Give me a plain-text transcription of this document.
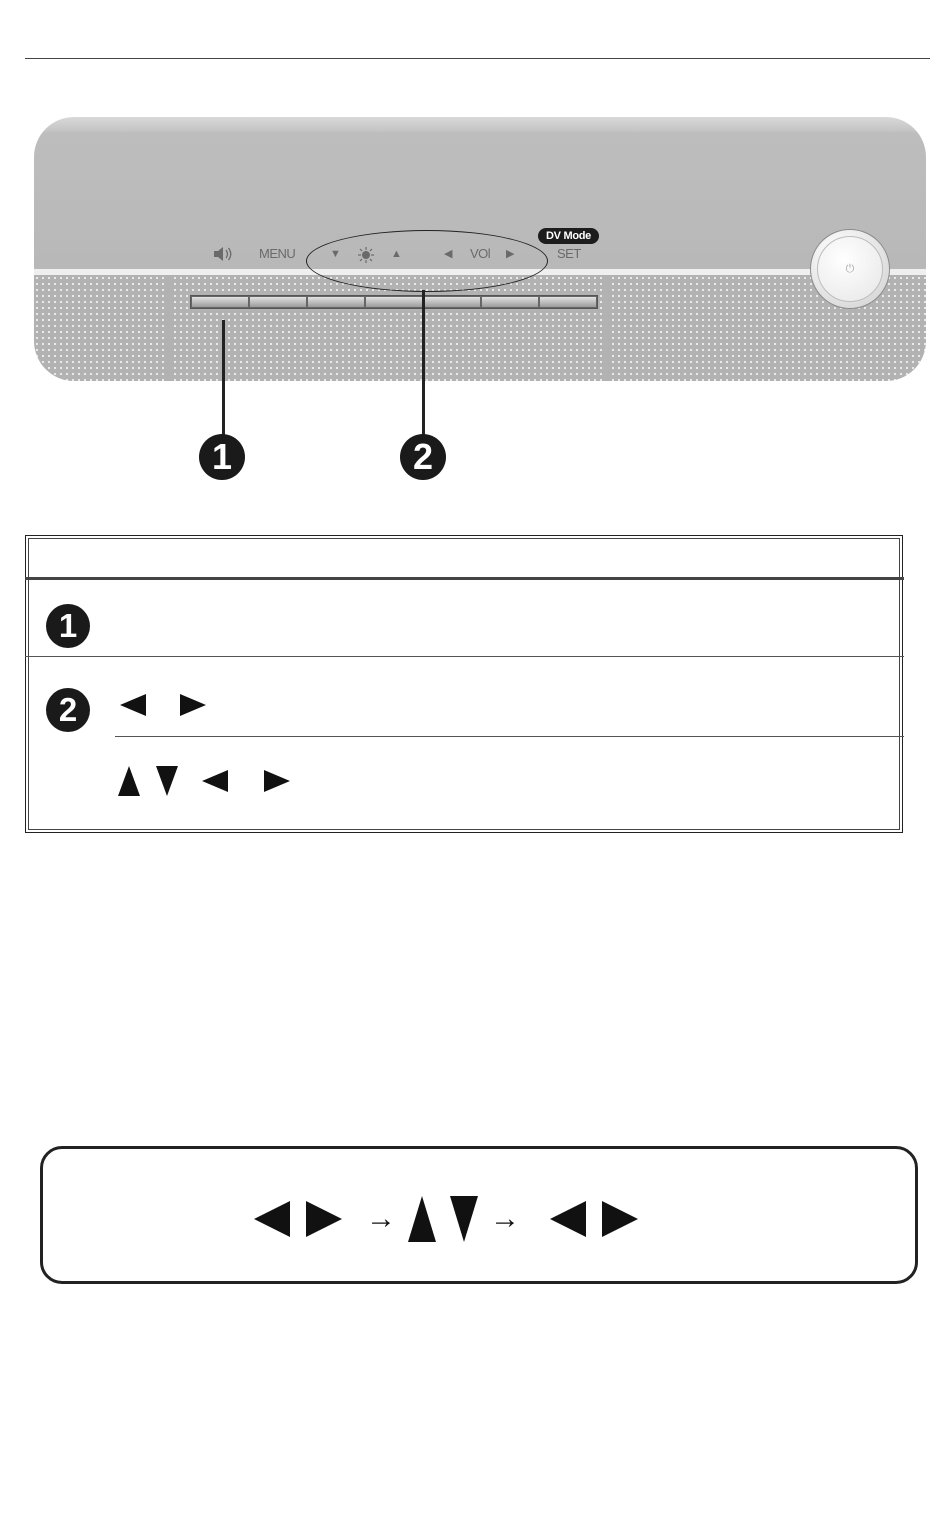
MENU	▼	▲	◀ VOl ▶
DV Mode
SET
⏻
1	2
1
2
→	→
